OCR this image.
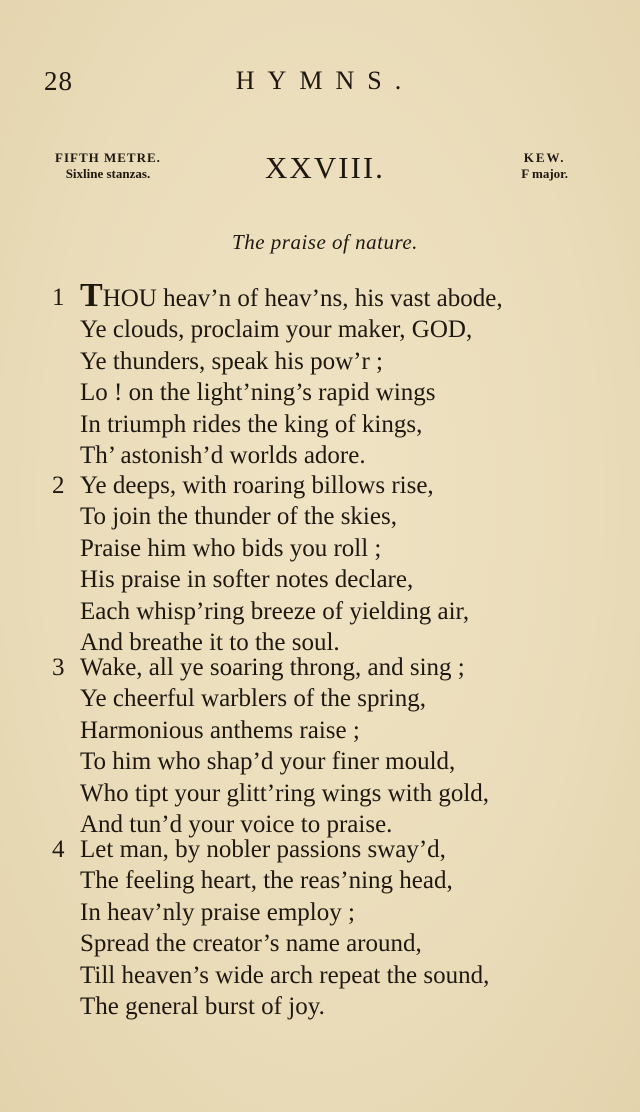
28	HYMNS.
FIFTH METRE.
Sixline stanzas.	XXVIII.	KEW.
F major.
The praise of nature.
1 THOU heav’n of heav’ns, his vast abode,
Ye clouds, proclaim your maker, GOD,
Ye thunders, speak his pow’r ;
Lo ! on the light’ning’s rapid wings
In triumph rides the king of kings,
Th’ astonish’d worlds adore.
2 Ye deeps, with roaring billows rise,
To join the thunder of the skies,
Praise him who bids you roll ;
His praise in softer notes declare,
Each whisp’ring breeze of yielding air,
And breathe it to the soul.
3 Wake, all ye soaring throng, and sing ;
Ye cheerful warblers of the spring,
Harmonious anthems raise ;
To him who shap’d your finer mould,
Who tipt your glitt’ring wings with gold,
And tun’d your voice to praise.
4 Let man, by nobler passions sway’d,
The feeling heart, the reas’ning head,
In heav’nly praise employ ;
Spread the creator’s name around,
Till heaven’s wide arch repeat the sound,
The general burst of joy.
